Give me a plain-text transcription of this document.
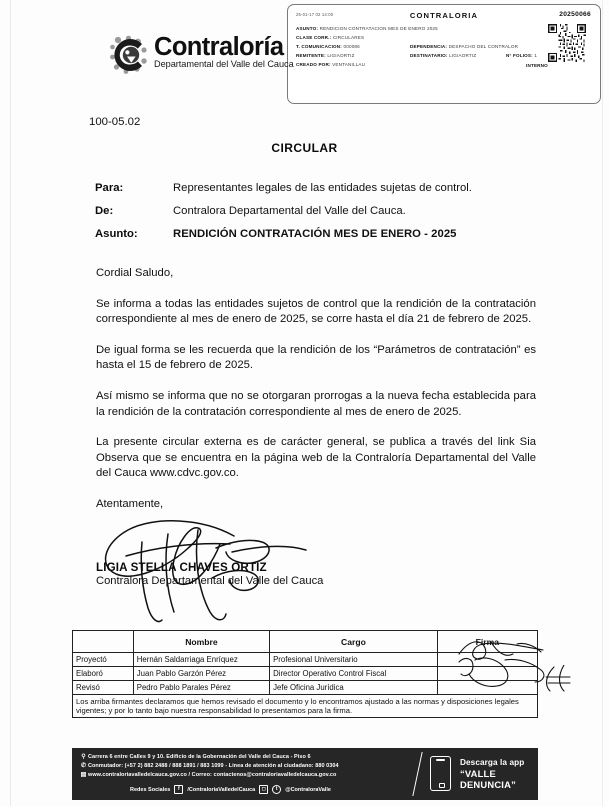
25-01-17 02 14:00	CONTRALORIA	20250066
ASUNTO: RENDICION CONTRATACION MES DE ENERO 2025
CLASE CORR.: CIRCULARES
T. COMUNICACION: 000086	DEPENDENCIA: DESPACHO DEL CONTRALOR
REMITENTE: LIGIAORTIZ	DESTINATARIO: LIGIAORTIZ	N° FOLIOS: 1
CREADO POR: VENTANILLAU	INTERNO
Contraloría
Departamental del Valle del Cauca
100-05.02
CIRCULAR
Para:	Representantes legales de las entidades sujetas de control.
De:	Contralora Departamental del Valle del Cauca.
Asunto:	RENDICIÓN CONTRATACIÓN MES DE ENERO - 2025

Cordial Saludo,

Se informa a todas las entidades sujetos de control que la rendición de la contratación correspondiente al mes de enero de 2025, se corre hasta el día 21 de febrero de 2025.

De igual forma se les recuerda que la rendición de los “Parámetros de contratación” es hasta el 15 de febrero de 2025.

Así mismo se informa que no se otorgaran prorrogas a la nueva fecha establecida para la rendición de la contratación correspondiente al mes de enero de 2025.

La presente circular externa es de carácter general, se publica a través del link Sia Observa que se encuentra en la página web de la Contraloría Departamental del Valle del Cauca www.cdvc.gov.co.

Atentamente,

LIGIA STELLA CHAVES ORTIZ
Contralora Departamental del Valle del Cauca
	Nombre	Cargo	Firma
Proyectó	Hernán Saldarriaga Enríquez	Profesional Universitario	
Elaboró	Juan Pablo Garzón Pérez	Director Operativo Control Fiscal	
Revisó	Pedro Pablo Parales Pérez	Jefe Oficina Jurídica	
Los arriba firmantes declaramos que hemos revisado el documento y lo encontramos ajustado a las normas y disposiciones legales vigentes; y por lo tanto bajo nuestra responsabilidad lo presentamos para la firma.			
⚲ Carrera 6 entre Calles 9 y 10. Edificio de la Gobernación del Valle del Cauca - Piso 6
✆ Conmutador: (+57 2) 882 2488 / 888 1891 / 883 1099 - Línea de atención al ciudadano: 880 0304
▤ www.contraloriavalledelcauca.gov.co / Correo: contactenos@contraloriavalledelcauca.gov.co
Redes Sociales	f	/ContraloriaValledelCauca	◻	t	@ContraloraValle
Descarga la app
“VALLE DENUNCIA”
